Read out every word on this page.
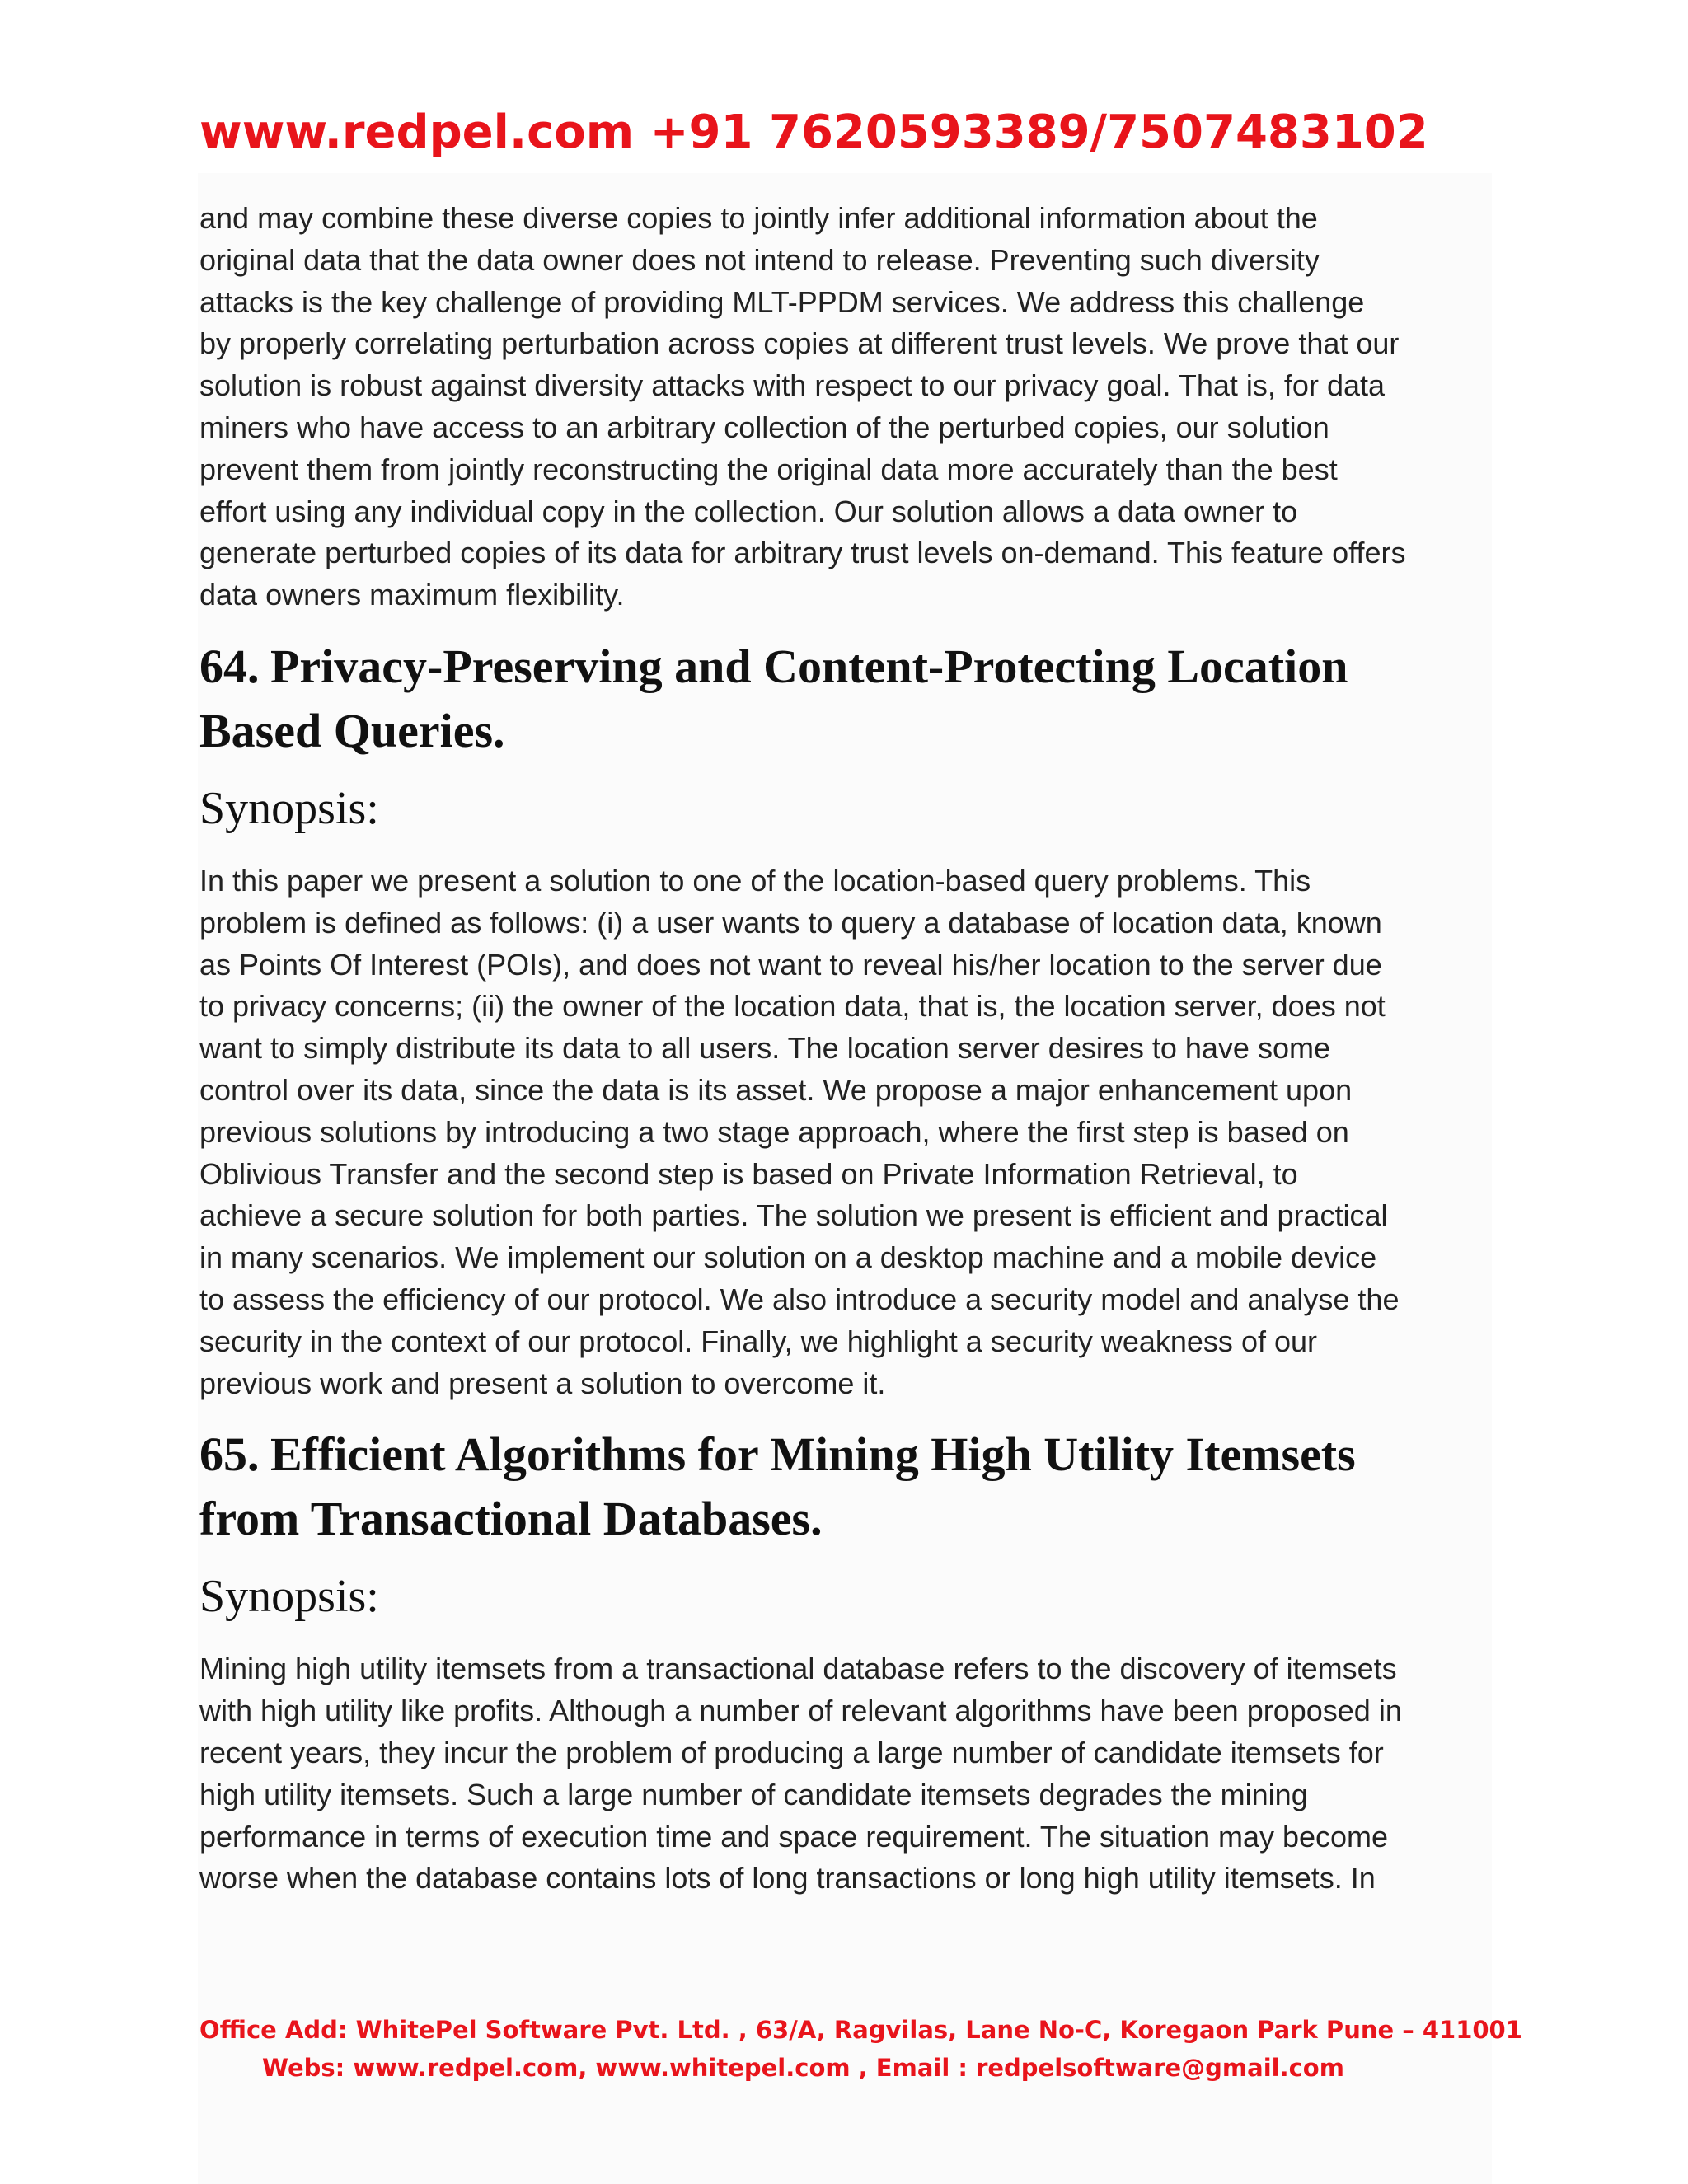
www.redpel.com +91 7620593389/7507483102

and may combine these diverse copies to jointly infer additional information about the
original data that the data owner does not intend to release. Preventing such diversity
attacks is the key challenge of providing MLT-PPDM services. We address this challenge
by properly correlating perturbation across copies at different trust levels. We prove that our
solution is robust against diversity attacks with respect to our privacy goal. That is, for data
miners who have access to an arbitrary collection of the perturbed copies, our solution
prevent them from jointly reconstructing the original data more accurately than the best
effort using any individual copy in the collection. Our solution allows a data owner to
generate perturbed copies of its data for arbitrary trust levels on-demand. This feature offers
data owners maximum flexibility.

64. Privacy-Preserving and Content-Protecting Location
Based Queries.
Synopsis:

In this paper we present a solution to one of the location-based query problems. This
problem is defined as follows: (i) a user wants to query a database of location data, known
as Points Of Interest (POIs), and does not want to reveal his/her location to the server due
to privacy concerns; (ii) the owner of the location data, that is, the location server, does not
want to simply distribute its data to all users. The location server desires to have some
control over its data, since the data is its asset. We propose a major enhancement upon
previous solutions by introducing a two stage approach, where the first step is based on
Oblivious Transfer and the second step is based on Private Information Retrieval, to
achieve a secure solution for both parties. The solution we present is efficient and practical
in many scenarios. We implement our solution on a desktop machine and a mobile device
to assess the efficiency of our protocol. We also introduce a security model and analyse the
security in the context of our protocol. Finally, we highlight a security weakness of our
previous work and present a solution to overcome it.

65. Efficient Algorithms for Mining High Utility Itemsets
from Transactional Databases.
Synopsis:

Mining high utility itemsets from a transactional database refers to the discovery of itemsets
with high utility like profits. Although a number of relevant algorithms have been proposed in
recent years, they incur the problem of producing a large number of candidate itemsets for
high utility itemsets. Such a large number of candidate itemsets degrades the mining
performance in terms of execution time and space requirement. The situation may become
worse when the database contains lots of long transactions or long high utility itemsets. In

Office Add: WhitePel Software Pvt. Ltd. , 63/A, Ragvilas, Lane No-C, Koregaon Park Pune – 411001
Webs: www.redpel.com, www.whitepel.com , Email : redpelsoftware@gmail.com
